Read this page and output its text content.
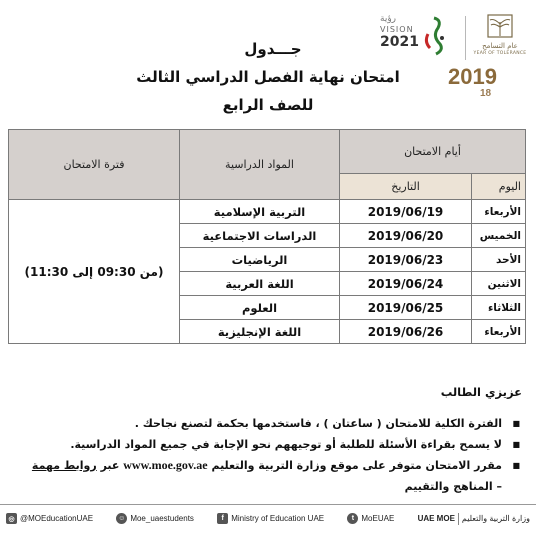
عام التسامح
YEAR OF TOLERANCE
رؤية
VISION
2021
2019
18
جـــدول
امتحان نهاية الفصل الدراسي الثالث
للصف الرابع
أيام الامتحان		المواد الدراسية	فترة الامتحان
اليوم	التاريخ		
الأربعاء	2019/06/19	التربية الإسلامية	(من 09:30 إلى 11:30)
الخميس	2019/06/20	الدراسات الاجتماعية	
الأحد	2019/06/23	الرياضيات	
الاثنين	2019/06/24	اللغة العربية	
الثلاثاء	2019/06/25	العلوم	
الأربعاء	2019/06/26	اللغة الإنجليزية	
عزيزي الطالب
■ الفترة الكلية للامتحان ( ساعتان ) ، فاستخدمها بحكمة لتصنع نجاحك .
■ لا يسمح بقراءة الأسئلة للطلبة أو توجيههم نحو الإجابة في جميع المواد الدراسية.
■ مقرر الامتحان متوفر على موقع وزارة التربية والتعليم www.moe.gov.ae عبر روابط مهمة – المناهج والتقييم
◎ @MOEducationUAE	☺ Moe_uaestudents	f Ministry of Education UAE	t MoEUAE	UAE MOE وزارة التربية والتعليم
